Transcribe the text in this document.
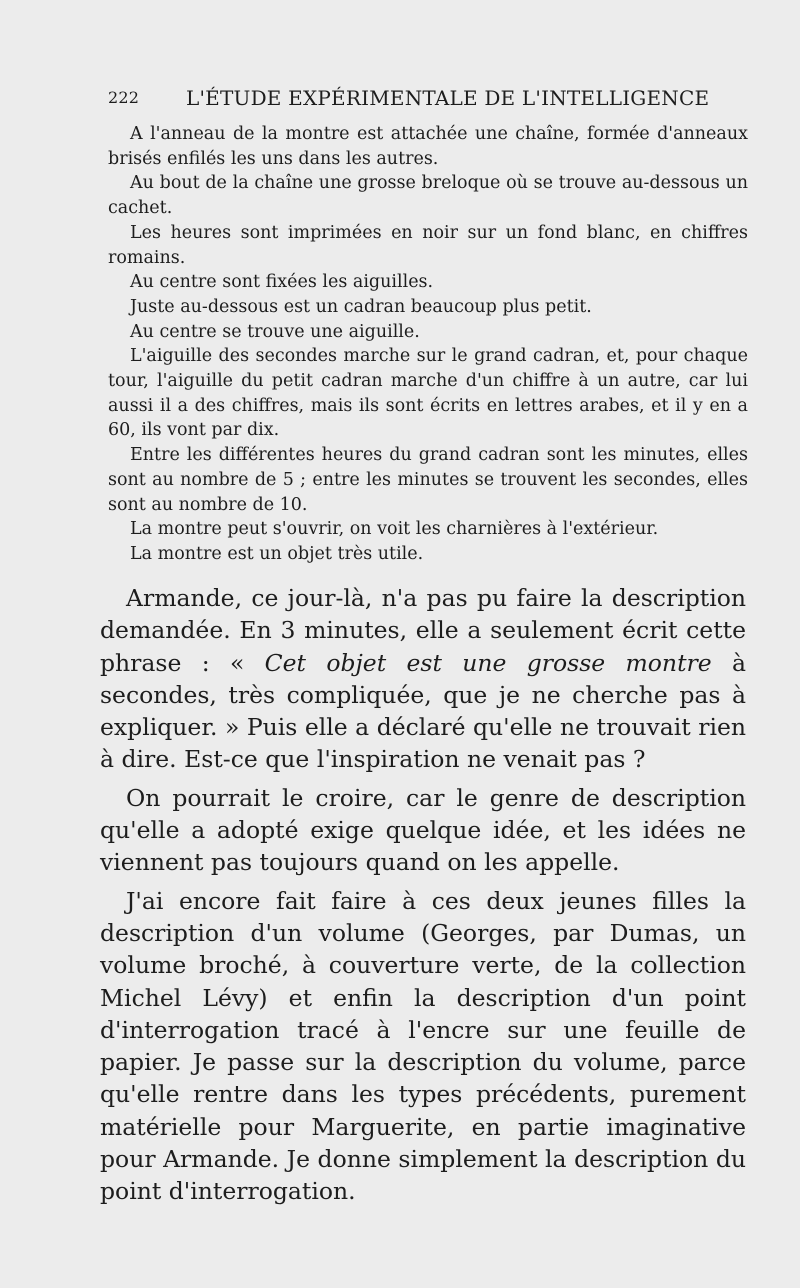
222 L'ÉTUDE EXPÉRIMENTALE DE L'INTELLIGENCE

A l'anneau de la montre est attachée une chaîne, formée d'anneaux brisés enfilés les uns dans les autres.

Au bout de la chaîne une grosse breloque où se trouve au-dessous un cachet.

Les heures sont imprimées en noir sur un fond blanc, en chiffres romains.

Au centre sont fixées les aiguilles.

Juste au-dessous est un cadran beaucoup plus petit.

Au centre se trouve une aiguille.

L'aiguille des secondes marche sur le grand cadran, et, pour chaque tour, l'aiguille du petit cadran marche d'un chiffre à un autre, car lui aussi il a des chiffres, mais ils sont écrits en lettres arabes, et il y en a 60, ils vont par dix.

Entre les différentes heures du grand cadran sont les minutes, elles sont au nombre de 5 ; entre les minutes se trouvent les secondes, elles sont au nombre de 10.

La montre peut s'ouvrir, on voit les charnières à l'extérieur.

La montre est un objet très utile.

Armande, ce jour-là, n'a pas pu faire la description demandée. En 3 minutes, elle a seulement écrit cette phrase : « Cet objet est une grosse montre à secondes, très compliquée, que je ne cherche pas à expliquer. » Puis elle a déclaré qu'elle ne trouvait rien à dire. Est-ce que l'inspiration ne venait pas ?

On pourrait le croire, car le genre de description qu'elle a adopté exige quelque idée, et les idées ne viennent pas toujours quand on les appelle.

J'ai encore fait faire à ces deux jeunes filles la description d'un volume (Georges, par Dumas, un volume broché, à couverture verte, de la collection Michel Lévy) et enfin la description d'un point d'interrogation tracé à l'encre sur une feuille de papier. Je passe sur la description du volume, parce qu'elle rentre dans les types précédents, purement matérielle pour Marguerite, en partie imaginative pour Armande. Je donne simplement la description du point d'interrogation.
